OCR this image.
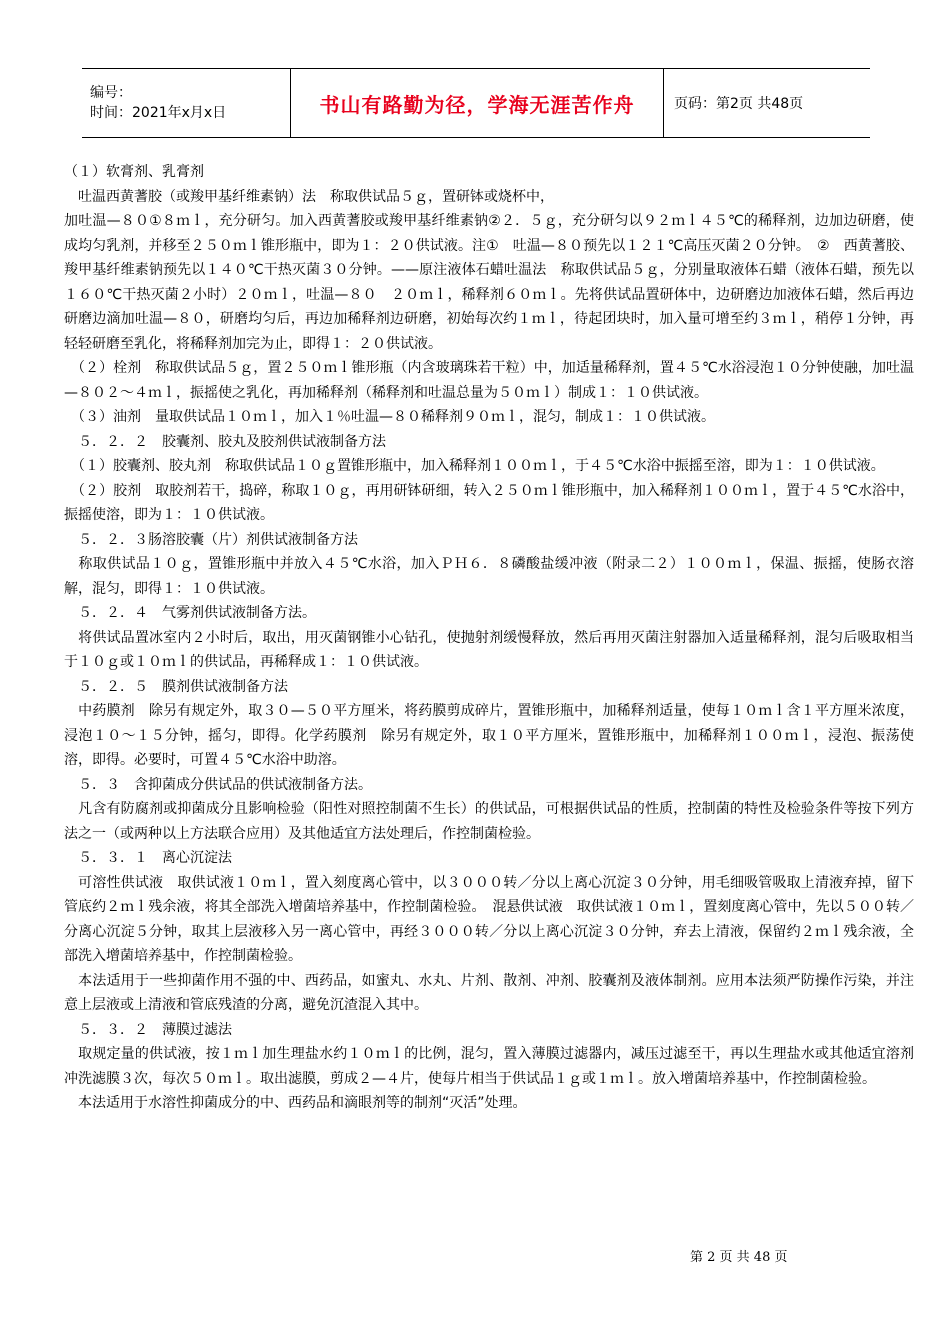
编号：
时间：2021年x月x日	书山有路勤为径，学海无涯苦作舟	页码：第2页 共48页

（１）软膏剂、乳膏剂

　吐温西黄蓍胶（或羧甲基纤维素钠）法　称取供试品５ｇ，置研钵或烧杯中，

加吐温—８０①８ｍｌ，充分研匀。加入西黄蓍胶或羧甲基纤维素钠②２．５ｇ，充分研匀以９２ｍｌ４５℃的稀释剂，边加边研磨，使成均匀乳剂，并移至２５０ｍｌ锥形瓶中，即为１：２０供试液。注①　吐温—８０预先以１２１℃高压灭菌２０分钟。　②　西黄蓍胶、羧甲基纤维素钠预先以１４０℃干热灭菌３０分钟。——原注液体石蜡吐温法　称取供试品５ｇ，分别量取液体石蜡（液体石蜡，预先以１６０℃干热灭菌２小时）２０ｍｌ，吐温—８０　２０ｍｌ，稀释剂６０ｍｌ。先将供试品置研体中，边研磨边加液体石蜡，然后再边研磨边滴加吐温—８０，研磨均匀后，再边加稀释剂边研磨，初始每次约１ｍｌ，待起团块时，加入量可增至约３ｍｌ，稍停１分钟，再轻轻研磨至乳化，将稀释剂加完为止，即得１：２０供试液。

　（２）栓剂　称取供试品５ｇ，置２５０ｍｌ锥形瓶（内含玻璃珠若干粒）中，加适量稀释剂，置４５℃水浴浸泡１０分钟使融，加吐温—８０２～４ｍｌ，振摇使之乳化，再加稀释剂（稀释剂和吐温总量为５０ｍｌ）制成１：１０供试液。

　（３）油剂　量取供试品１０ｍｌ，加入１％吐温—８０稀释剂９０ｍｌ，混匀，制成１：１０供试液。

　５．２．２　胶囊剂、胶丸及胶剂供试液制备方法

　（１）胶囊剂、胶丸剂　称取供试品１０ｇ置锥形瓶中，加入稀释剂１００ｍｌ，于４５℃水浴中振摇至溶，即为１：１０供试液。

　（２）胶剂　取胶剂若干，捣碎，称取１０ｇ，再用研钵研细，转入２５０ｍｌ锥形瓶中，加入稀释剂１００ｍｌ，置于４５℃水浴中，振摇使溶，即为１：１０供试液。

　５．２．３肠溶胶囊（片）剂供试液制备方法

　称取供试品１０ｇ，置锥形瓶中并放入４５℃水浴，加入ＰＨ６．８磷酸盐缓冲液（附录二２）１００ｍｌ，保温、振摇，使肠衣溶解，混匀，即得１：１０供试液。

　５．２．４　气雾剂供试液制备方法。

　将供试品置冰室内２小时后，取出，用灭菌钢锥小心钻孔，使抛射剂缓慢释放，然后再用灭菌注射器加入适量稀释剂，混匀后吸取相当于１０ｇ或１０ｍｌ的供试品，再稀释成１：１０供试液。

　５．２．５　膜剂供试液制备方法

　中药膜剂　除另有规定外，取３０—５０平方厘米，将药膜剪成碎片，置锥形瓶中，加稀释剂适量，使每１０ｍｌ含１平方厘米浓度，浸泡１０～１５分钟，摇匀，即得。化学药膜剂　除另有规定外，取１０平方厘米，置锥形瓶中，加稀释剂１００ｍｌ，浸泡、振荡使溶，即得。必要时，可置４５℃水浴中助溶。

　５．３　含抑菌成分供试品的供试液制备方法。

　凡含有防腐剂或抑菌成分且影响检验（阳性对照控制菌不生长）的供试品，可根据供试品的性质，控制菌的特性及检验条件等按下列方法之一（或两种以上方法联合应用）及其他适宜方法处理后，作控制菌检验。

　５．３．１　离心沉淀法

　可溶性供试液　取供试液１０ｍｌ，置入刻度离心管中，以３０００转／分以上离心沉淀３０分钟，用毛细吸管吸取上清液弃掉，留下管底约２ｍｌ残余液，将其全部洗入增菌培养基中，作控制菌检验。　混悬供试液　取供试液１０ｍｌ，置刻度离心管中，先以５００转／分离心沉淀５分钟，取其上层液移入另一离心管中，再经３０００转／分以上离心沉淀３０分钟，弃去上清液，保留约２ｍｌ残余液，全部洗入增菌培养基中，作控制菌检验。

　本法适用于一些抑菌作用不强的中、西药品，如蜜丸、水丸、片剂、散剂、冲剂、胶囊剂及液体制剂。应用本法须严防操作污染，并注意上层液或上清液和管底残渣的分离，避免沉渣混入其中。

　５．３．２　薄膜过滤法

　取规定量的供试液，按１ｍｌ加生理盐水约１０ｍｌ的比例，混匀，置入薄膜过滤器内，减压过滤至干，再以生理盐水或其他适宜溶剂冲洗滤膜３次，每次５０ｍｌ。取出滤膜，剪成２—４片，使每片相当于供试品１ｇ或１ｍｌ。放入增菌培养基中，作控制菌检验。

　本法适用于水溶性抑菌成分的中、西药品和滴眼剂等的制剂“灭活”处理。

第 2 页 共 48 页
